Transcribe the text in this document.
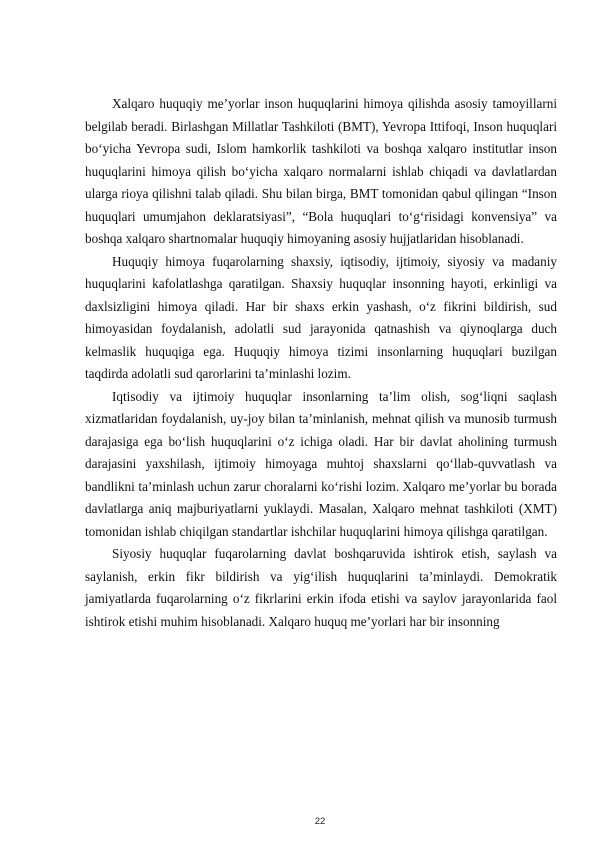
Xalqaro huquqiy me’yorlar inson huquqlarini himoya qilishda asosiy tamoyillarni belgilab beradi. Birlashgan Millatlar Tashkiloti (BMT), Yevropa Ittifoqi, Inson huquqlari bo‘yicha Yevropa sudi, Islom hamkorlik tashkiloti va boshqa xalqaro institutlar inson huquqlarini himoya qilish bo‘yicha xalqaro normalarni ishlab chiqadi va davlatlardan ularga rioya qilishni talab qiladi. Shu bilan birga, BMT tomonidan qabul qilingan “Inson huquqlari umumjahon deklaratsiyasi”, “Bola huquqlari to‘g‘risidagi konvensiya” va boshqa xalqaro shartnomalar huquqiy himoyaning asosiy hujjatlaridan hisoblanadi.

Huquqiy himoya fuqarolarning shaxsiy, iqtisodiy, ijtimoiy, siyosiy va madaniy huquqlarini kafolatlashga qaratilgan. Shaxsiy huquqlar insonning hayoti, erkinligi va daxlsizligini himoya qiladi. Har bir shaxs erkin yashash, o‘z fikrini bildirish, sud himoyasidan foydalanish, adolatli sud jarayonida qatnashish va qiynoqlarga duch kelmaslik huquqiga ega. Huquqiy himoya tizimi insonlarning huquqlari buzilgan taqdirda adolatli sud qarorlarini ta’minlashi lozim.

Iqtisodiy va ijtimoiy huquqlar insonlarning ta’lim olish, sog‘liqni saqlash xizmatlaridan foydalanish, uy-joy bilan ta’minlanish, mehnat qilish va munosib turmush darajasiga ega bo‘lish huquqlarini o‘z ichiga oladi. Har bir davlat aholining turmush darajasini yaxshilash, ijtimoiy himoyaga muhtoj shaxslarni qo‘llab-quvvatlash va bandlikni ta’minlash uchun zarur choralarni ko‘rishi lozim. Xalqaro me’yorlar bu borada davlatlarga aniq majburiyatlarni yuklaydi. Masalan, Xalqaro mehnat tashkiloti (XMT) tomonidan ishlab chiqilgan standartlar ishchilar huquqlarini himoya qilishga qaratilgan.

Siyosiy huquqlar fuqarolarning davlat boshqaruvida ishtirok etish, saylash va saylanish, erkin fikr bildirish va yig‘ilish huquqlarini ta’minlaydi. Demokratik jamiyatlarda fuqarolarning o‘z fikrlarini erkin ifoda etishi va saylov jarayonlarida faol ishtirok etishi muhim hisoblanadi. Xalqaro huquq me’yorlari har bir insonning

22
